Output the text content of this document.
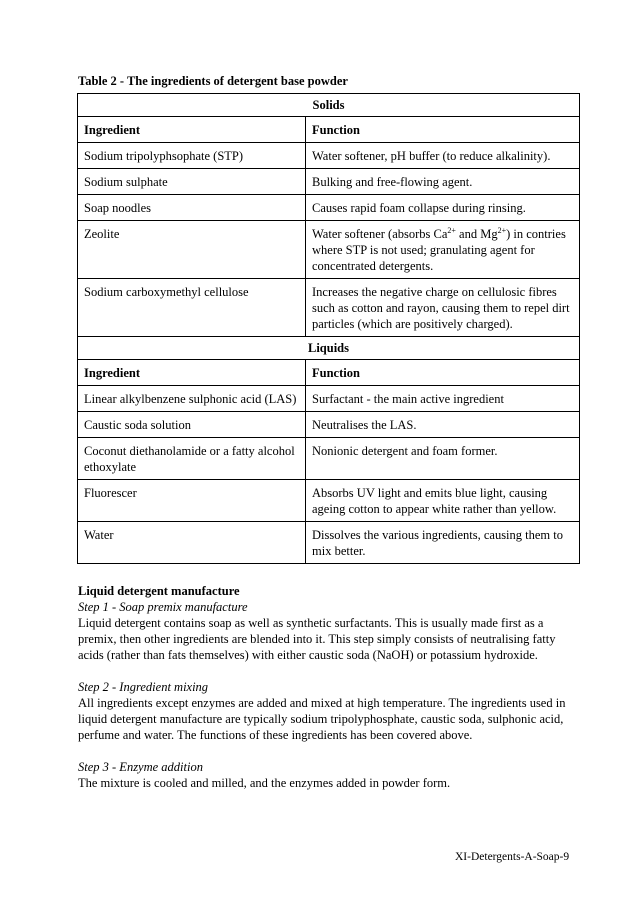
Table 2 - The ingredients of detergent base powder
Solids	
Ingredient	Function
Sodium tripolyphsophate (STP)	Water softener, pH buffer (to reduce alkalinity).
Sodium sulphate	Bulking and free-flowing agent.
Soap noodles	Causes rapid foam collapse during rinsing.
Zeolite	Water softener (absorbs $Ca^{2+}$ and $Mg^{2+}$) in contries where STP is not used; granulating agent for concentrated detergents.
Sodium carboxymethyl cellulose	Increases the negative charge on cellulosic fibres such as cotton and rayon, causing them to repel dirt particles (which are positively charged).
Liquids	
Ingredient	Function
Linear alkylbenzene sulphonic acid (LAS)	Surfactant - the main active ingredient
Caustic soda solution	Neutralises the LAS.
Coconut diethanolamide or a fatty alcohol ethoxylate	Nonionic detergent and foam former.
Fluorescer	Absorbs UV light and emits blue light, causing ageing cotton to appear white rather than yellow.
Water	Dissolves the various ingredients, causing them to mix better.
Liquid detergent manufacture
Step 1 - Soap premix manufacture

Liquid detergent contains soap as well as synthetic surfactants. This is usually made first as a premix, then other ingredients are blended into it. This step simply consists of neutralising fatty acids (rather than fats themselves) with either caustic soda (NaOH) or potassium hydroxide.

Step 2 - Ingredient mixing

All ingredients except enzymes are added and mixed at high temperature. The ingredients used in liquid detergent manufacture are typically sodium tripolyphosphate, caustic soda, sulphonic acid, perfume and water. The functions of these ingredients has been covered above.

Step 3 - Enzyme addition

The mixture is cooled and milled, and the enzymes added in powder form.

XI-Detergents-A-Soap-9
